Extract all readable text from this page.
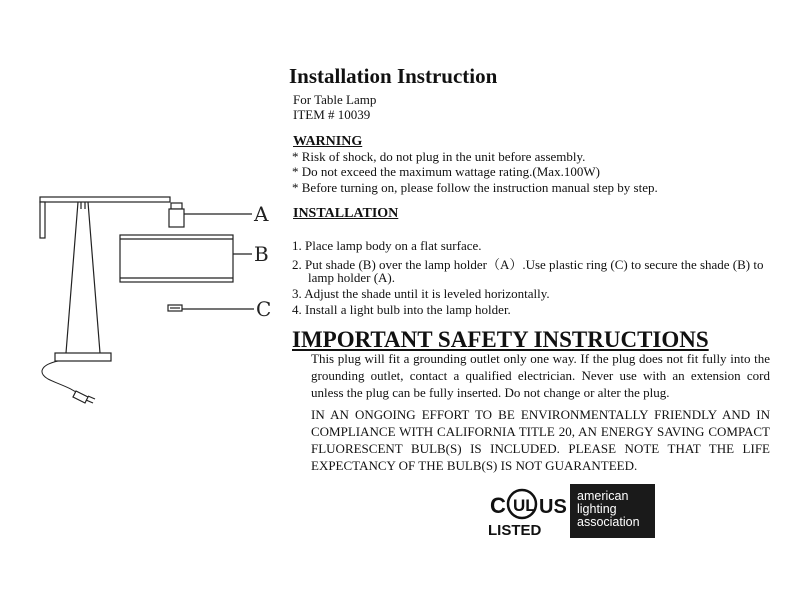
Installation Instruction
For Table Lamp
ITEM # 10039
WARNING
* Risk of shock, do not plug in the unit before assembly.
* Do not exceed the maximum wattage rating.(Max.100W)
* Before turning on, please follow the instruction manual step by step.
INSTALLATION
1. Place lamp body on a flat surface.
2. Put shade (B) over the lamp holder（A）.Use plastic ring (C) to secure the shade (B) to
lamp holder (A).
3. Adjust the shade until it is leveled horizontally.
4. Install a light bulb into the lamp holder.
IMPORTANT SAFETY INSTRUCTIONS
This plug will fit a grounding outlet only one way. If the plug does not fit fully into the grounding outlet, contact a qualified electrician. Never use with an extension cord unless the plug can be fully inserted. Do not change or alter the plug.
IN AN ONGOING EFFORT TO BE ENVIRONMENTALLY FRIENDLY AND IN COMPLIANCE WITH CALIFORNIA TITLE 20, AN ENERGY SAVING COMPACT FLUORESCENT BULB(S) IS INCLUDED. PLEASE NOTE THAT THE LIFE EXPECTANCY OF THE BULB(S) IS NOT GUARANTEED.
A
B
C
C UL US
LISTED
american
lighting
association
